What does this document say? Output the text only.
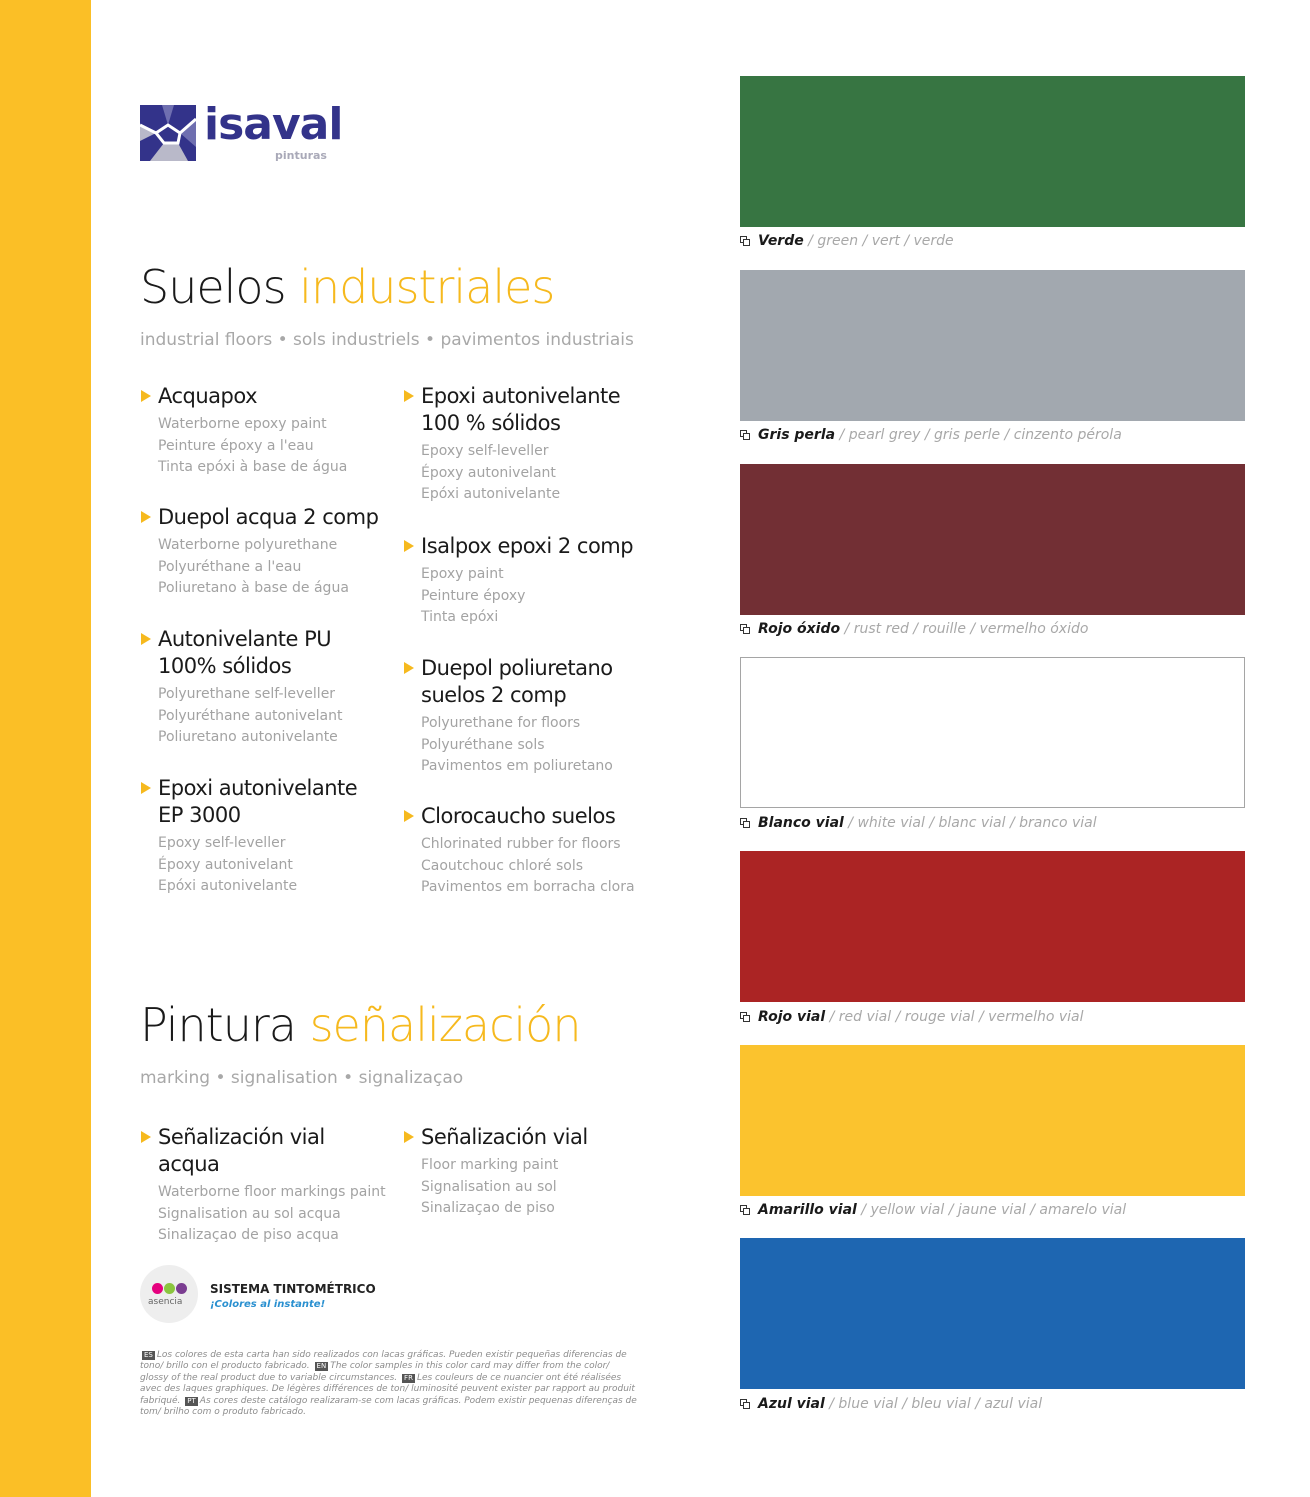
isaval
pinturas
Suelos industriales

industrial floors • sols industriels • pavimentos industriais

Acquapox
Waterborne epoxy paint
Peinture époxy a l'eau
Tinta epóxi à base de água
Duepol acqua 2 comp
Waterborne polyurethane
Polyuréthane a l'eau
Poliuretano à base de água
Autonivelante PU 100% sólidos
Polyurethane self-leveller
Polyuréthane autonivelant
Poliuretano autonivelante
Epoxi autonivelante EP 3000
Epoxy self-leveller
Époxy autonivelant
Epóxi autonivelante
Epoxi autonivelante 100 % sólidos
Epoxy self-leveller
Époxy autonivelant
Epóxi autonivelante
Isalpox epoxi 2 comp
Epoxy paint
Peinture époxy
Tinta epóxi
Duepol poliuretano suelos 2 comp
Polyurethane for floors
Polyuréthane sols
Pavimentos em poliuretano
Clorocaucho suelos
Chlorinated rubber for floors
Caoutchouc chloré sols
Pavimentos em borracha clora
Pintura señalización

marking • signalisation • signalizaçao

Señalización vial acqua
Waterborne floor markings paint
Signalisation au sol acqua
Sinalizaçao de piso acqua
Señalización vial
Floor marking paint
Signalisation au sol
Sinalizaçao de piso
asencia
SISTEMA TINTOMÉTRICO
¡Colores al instante!
ES Los colores de esta carta han sido realizados con lacas gráficas. Pueden existir pequeñas diferencias de tono/ brillo con el producto fabricado. EN The color samples in this color card may differ from the color/ glossy of the real product due to variable circumstances. FR Les couleurs de ce nuancier ont été réalisées avec des laques graphiques. De légères différences de ton/ luminosité peuvent exister par rapport au produit fabriqué. PT As cores deste catálogo realizaram-se com lacas gráficas. Podem existir pequenas diferenças de tom/ brilho com o produto fabricado.
Verde / green / vert / verde
Gris perla / pearl grey / gris perle / cinzento pérola
Rojo óxido / rust red / rouille / vermelho óxido
Blanco vial / white vial / blanc vial / branco vial
Rojo vial / red vial / rouge vial / vermelho vial
Amarillo vial / yellow vial / jaune vial / amarelo vial
Azul vial / blue vial / bleu vial / azul vial
